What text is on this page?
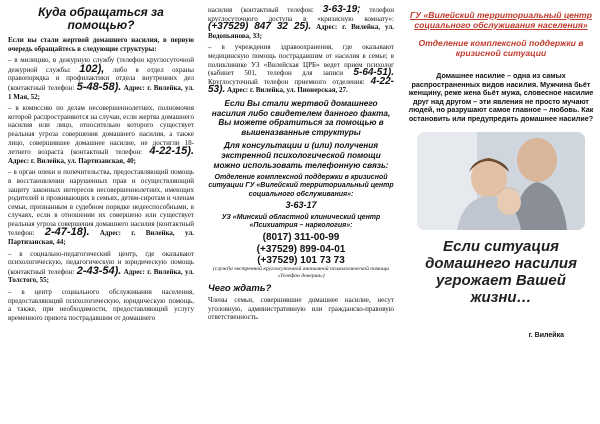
Куда обращаться за помощью?

Если вы стали жертвой домашнего насилия, в первую очередь обращайтесь в следующие структуры:

– в милицию, в дежурную службу (телефон круглосуточной дежурной службы: 102), либо в отдел охраны правопорядка и профилактики отдела внутренних дел (контактный телефон: 5-48-58). Адрес: г. Вилейка, ул. 1 Мая, 52;

– в комиссию по делам несовершеннолетних, полномочия которой распространяются на случаи, если жертва домашнего насилия или лицо, относительно которого существует реальная угроза совершения домашнего насилия, а также лицо, совершившее домашнее насилие, не достигли 18-летнего возраста (контактный телефон: 4-22-15). Адрес: г. Вилейка, ул. Партизанская, 40;

– в орган опеки и попечительства, предоставляющий помощь в восстановлении нарушенных прав и осуществляющий защиту законных интересов несовершеннолетних, имеющих родителей и проживающих в семьях, детям-сиротам и членам семьи, признанным в судебном порядке недееспособными, в случаях, если в отношении их совершено или существует реальная угроза совершения домашнего насилия (контактный телефон: 2-47-18). Адрес: г. Вилейка, ул. Партизанская, 44;

– в социально-педагогический центр, где оказывают психологическую, педагогическую и юридическую помощь (контактный телефон: 2-43-54). Адрес: г. Вилейка, ул. Толстого, 55;

– в центр социального обслуживания населения, предоставляющий психологическую, юридическую помощь, а также, при необходимости, предоставляющий услугу временного приюта пострадавшим от домашнего

насилия (контактный телефон: 3-63-19; телефон круглосуточного доступа в «кризисную комнату»: (+37529) 847 32 25). Адрес: г. Вилейка, ул. Водопьянова, 33;

– в учреждения здравоохранения, где оказывают медицинскую помощь пострадавшим от насилия в семье; в поликлинике УЗ «Вилейская ЦРБ» ведет прием психолог (кабинет 501, телефон для записи 5-64-51). Круглосуточный телефон приемного отделения: 4-22-53). Адрес: г. Вилейка, ул. Пионерская, 27.

Если Вы стали жертвой домашнего насилия либо свидетелем данного факта, Вы можете обратиться за помощью в вышеназванные структуры
Для консультации и (или) получения экстренной психологической помощи можно использовать телефонную связь:
Отделение комплексной поддержки в кризисной ситуации ГУ «Вилейский территориальный центр социального обслуживания»:
3-63-17
УЗ «Минский областной клинический центр «Психиатрия – наркология»:

(8017) 311-00-99

(+37529) 899-04-01

(+37529) 101 73 73

(служба экстренной круглосуточной анонимной психологической помощи «Телефон доверия»)

Чего ждать?

Члены семьи, совершившие домашнее насилие, несут уголовную, административную или гражданско-правовую ответственность.

ГУ «Вилейский территориальный центр социального обслуживания населения»
Отделение комплексной поддержки в кризисной ситуации
Домашнее насилие – одна из самых распространенных видов насилия. Мужчина бьёт женщину, реже жена бьёт мужа, словесное насилие друг над другом – эти явления не просто мучают людей, но разрушают самое главное – любовь. Как остановить или предупредить домашнее насилие?
Если ситуация домашнего насилия угрожает Вашей жизни…
г. Вилейка
